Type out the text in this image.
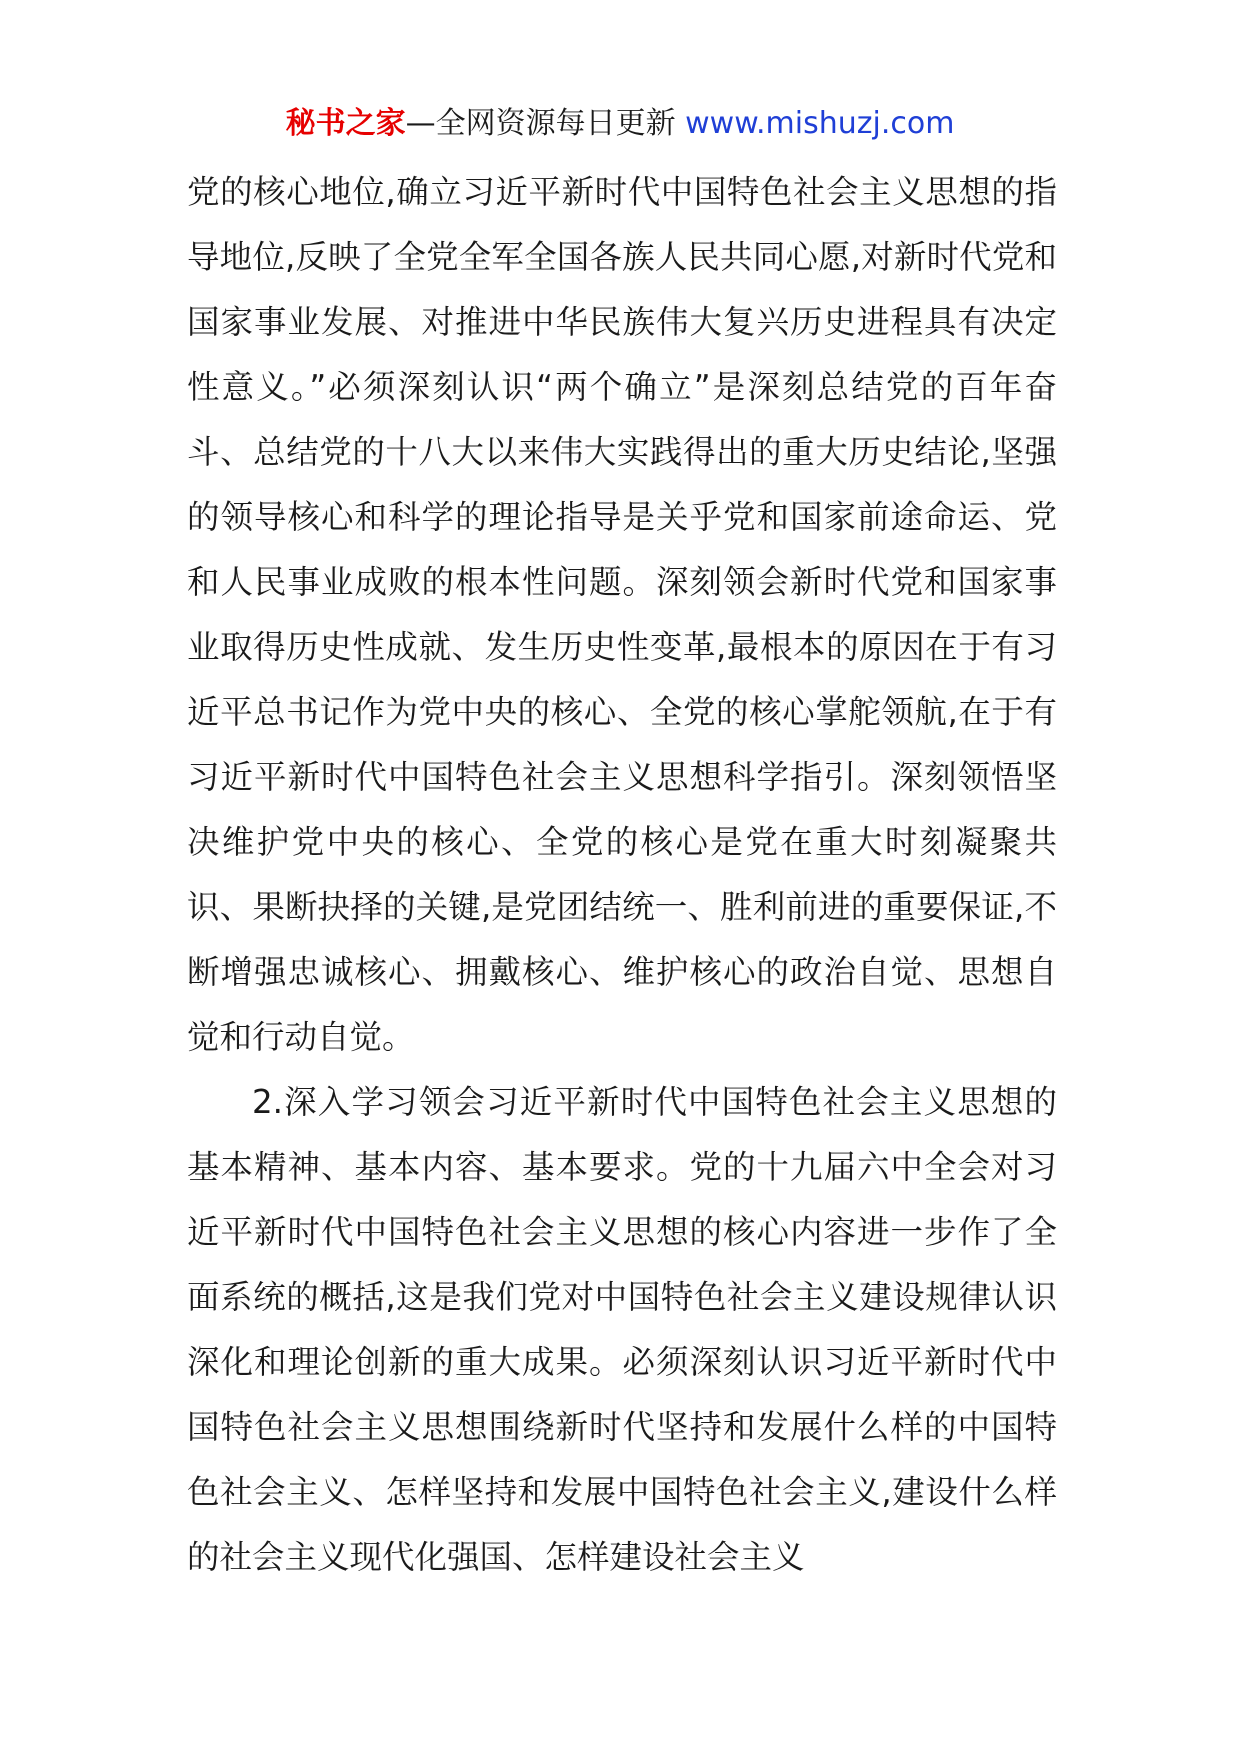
秘书之家—全网资源每日更新 www.mishuzj.com

党的核心地位,确立习近平新时代中国特色社会主义思想的指导地位,反映了全党全军全国各族人民共同心愿,对新时代党和国家事业发展、对推进中华民族伟大复兴历史进程具有决定性意义。”必须深刻认识“两个确立”是深刻总结党的百年奋斗、总结党的十八大以来伟大实践得出的重大历史结论,坚强的领导核心和科学的理论指导是关乎党和国家前途命运、党和人民事业成败的根本性问题。深刻领会新时代党和国家事业取得历史性成就、发生历史性变革,最根本的原因在于有习近平总书记作为党中央的核心、全党的核心掌舵领航,在于有习近平新时代中国特色社会主义思想科学指引。深刻领悟坚决维护党中央的核心、全党的核心是党在重大时刻凝聚共识、果断抉择的关键,是党团结统一、胜利前进的重要保证,不断增强忠诚核心、拥戴核心、维护核心的政治自觉、思想自觉和行动自觉。

2.深入学习领会习近平新时代中国特色社会主义思想的基本精神、基本内容、基本要求。党的十九届六中全会对习近平新时代中国特色社会主义思想的核心内容进一步作了全面系统的概括,这是我们党对中国特色社会主义建设规律认识深化和理论创新的重大成果。必须深刻认识习近平新时代中国特色社会主义思想围绕新时代坚持和发展什么样的中国特色社会主义、怎样坚持和发展中国特色社会主义,建设什么样的社会主义现代化强国、怎样建设社会主义
